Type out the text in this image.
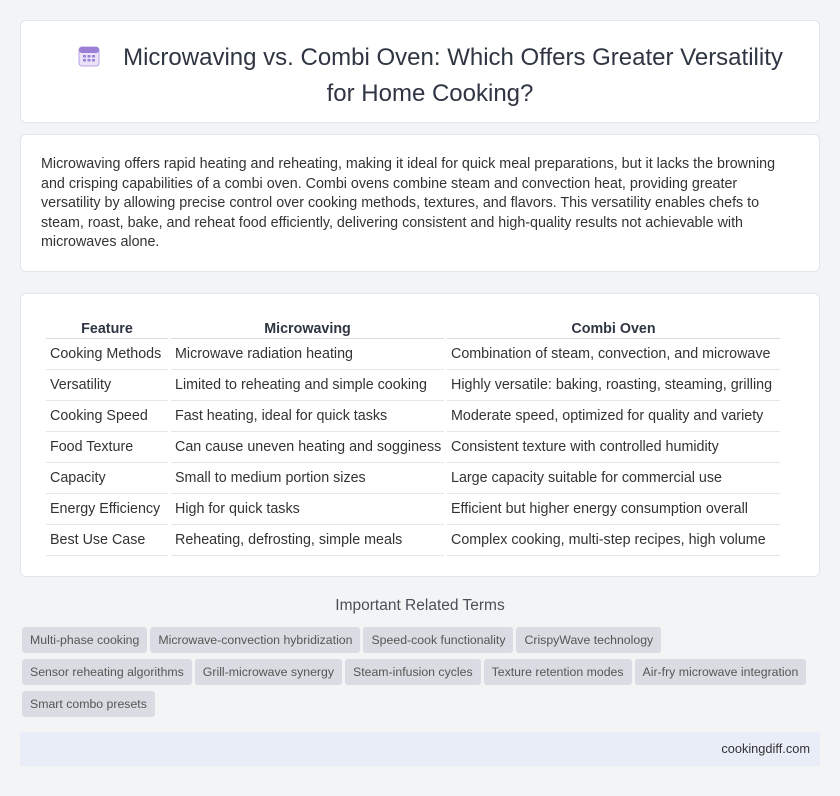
Microwaving vs. Combi Oven: Which Offers Greater Versatility for Home Cooking?

Microwaving offers rapid heating and reheating, making it ideal for quick meal preparations, but it lacks the browning and crisping capabilities of a combi oven. Combi ovens combine steam and convection heat, providing greater versatility by allowing precise control over cooking methods, textures, and flavors. This versatility enables chefs to steam, roast, bake, and reheat food efficiently, delivering consistent and high-quality results not achievable with microwaves alone.

Feature	Microwaving	Combi Oven
Cooking Methods	Microwave radiation heating	Combination of steam, convection, and microwave
Versatility	Limited to reheating and simple cooking	Highly versatile: baking, roasting, steaming, grilling
Cooking Speed	Fast heating, ideal for quick tasks	Moderate speed, optimized for quality and variety
Food Texture	Can cause uneven heating and sogginess	Consistent texture with controlled humidity
Capacity	Small to medium portion sizes	Large capacity suitable for commercial use
Energy Efficiency	High for quick tasks	Efficient but higher energy consumption overall
Best Use Case	Reheating, defrosting, simple meals	Complex cooking, multi-step recipes, high volume
Important Related Terms
Multi-phase cooking Microwave-convection hybridization Speed-cook functionality CrispyWave technologySensor reheating algorithms Grill-microwave synergy Steam-infusion cycles Texture retention modes Air-fry microwave integrationSmart combo presets
cookingdiff.com
